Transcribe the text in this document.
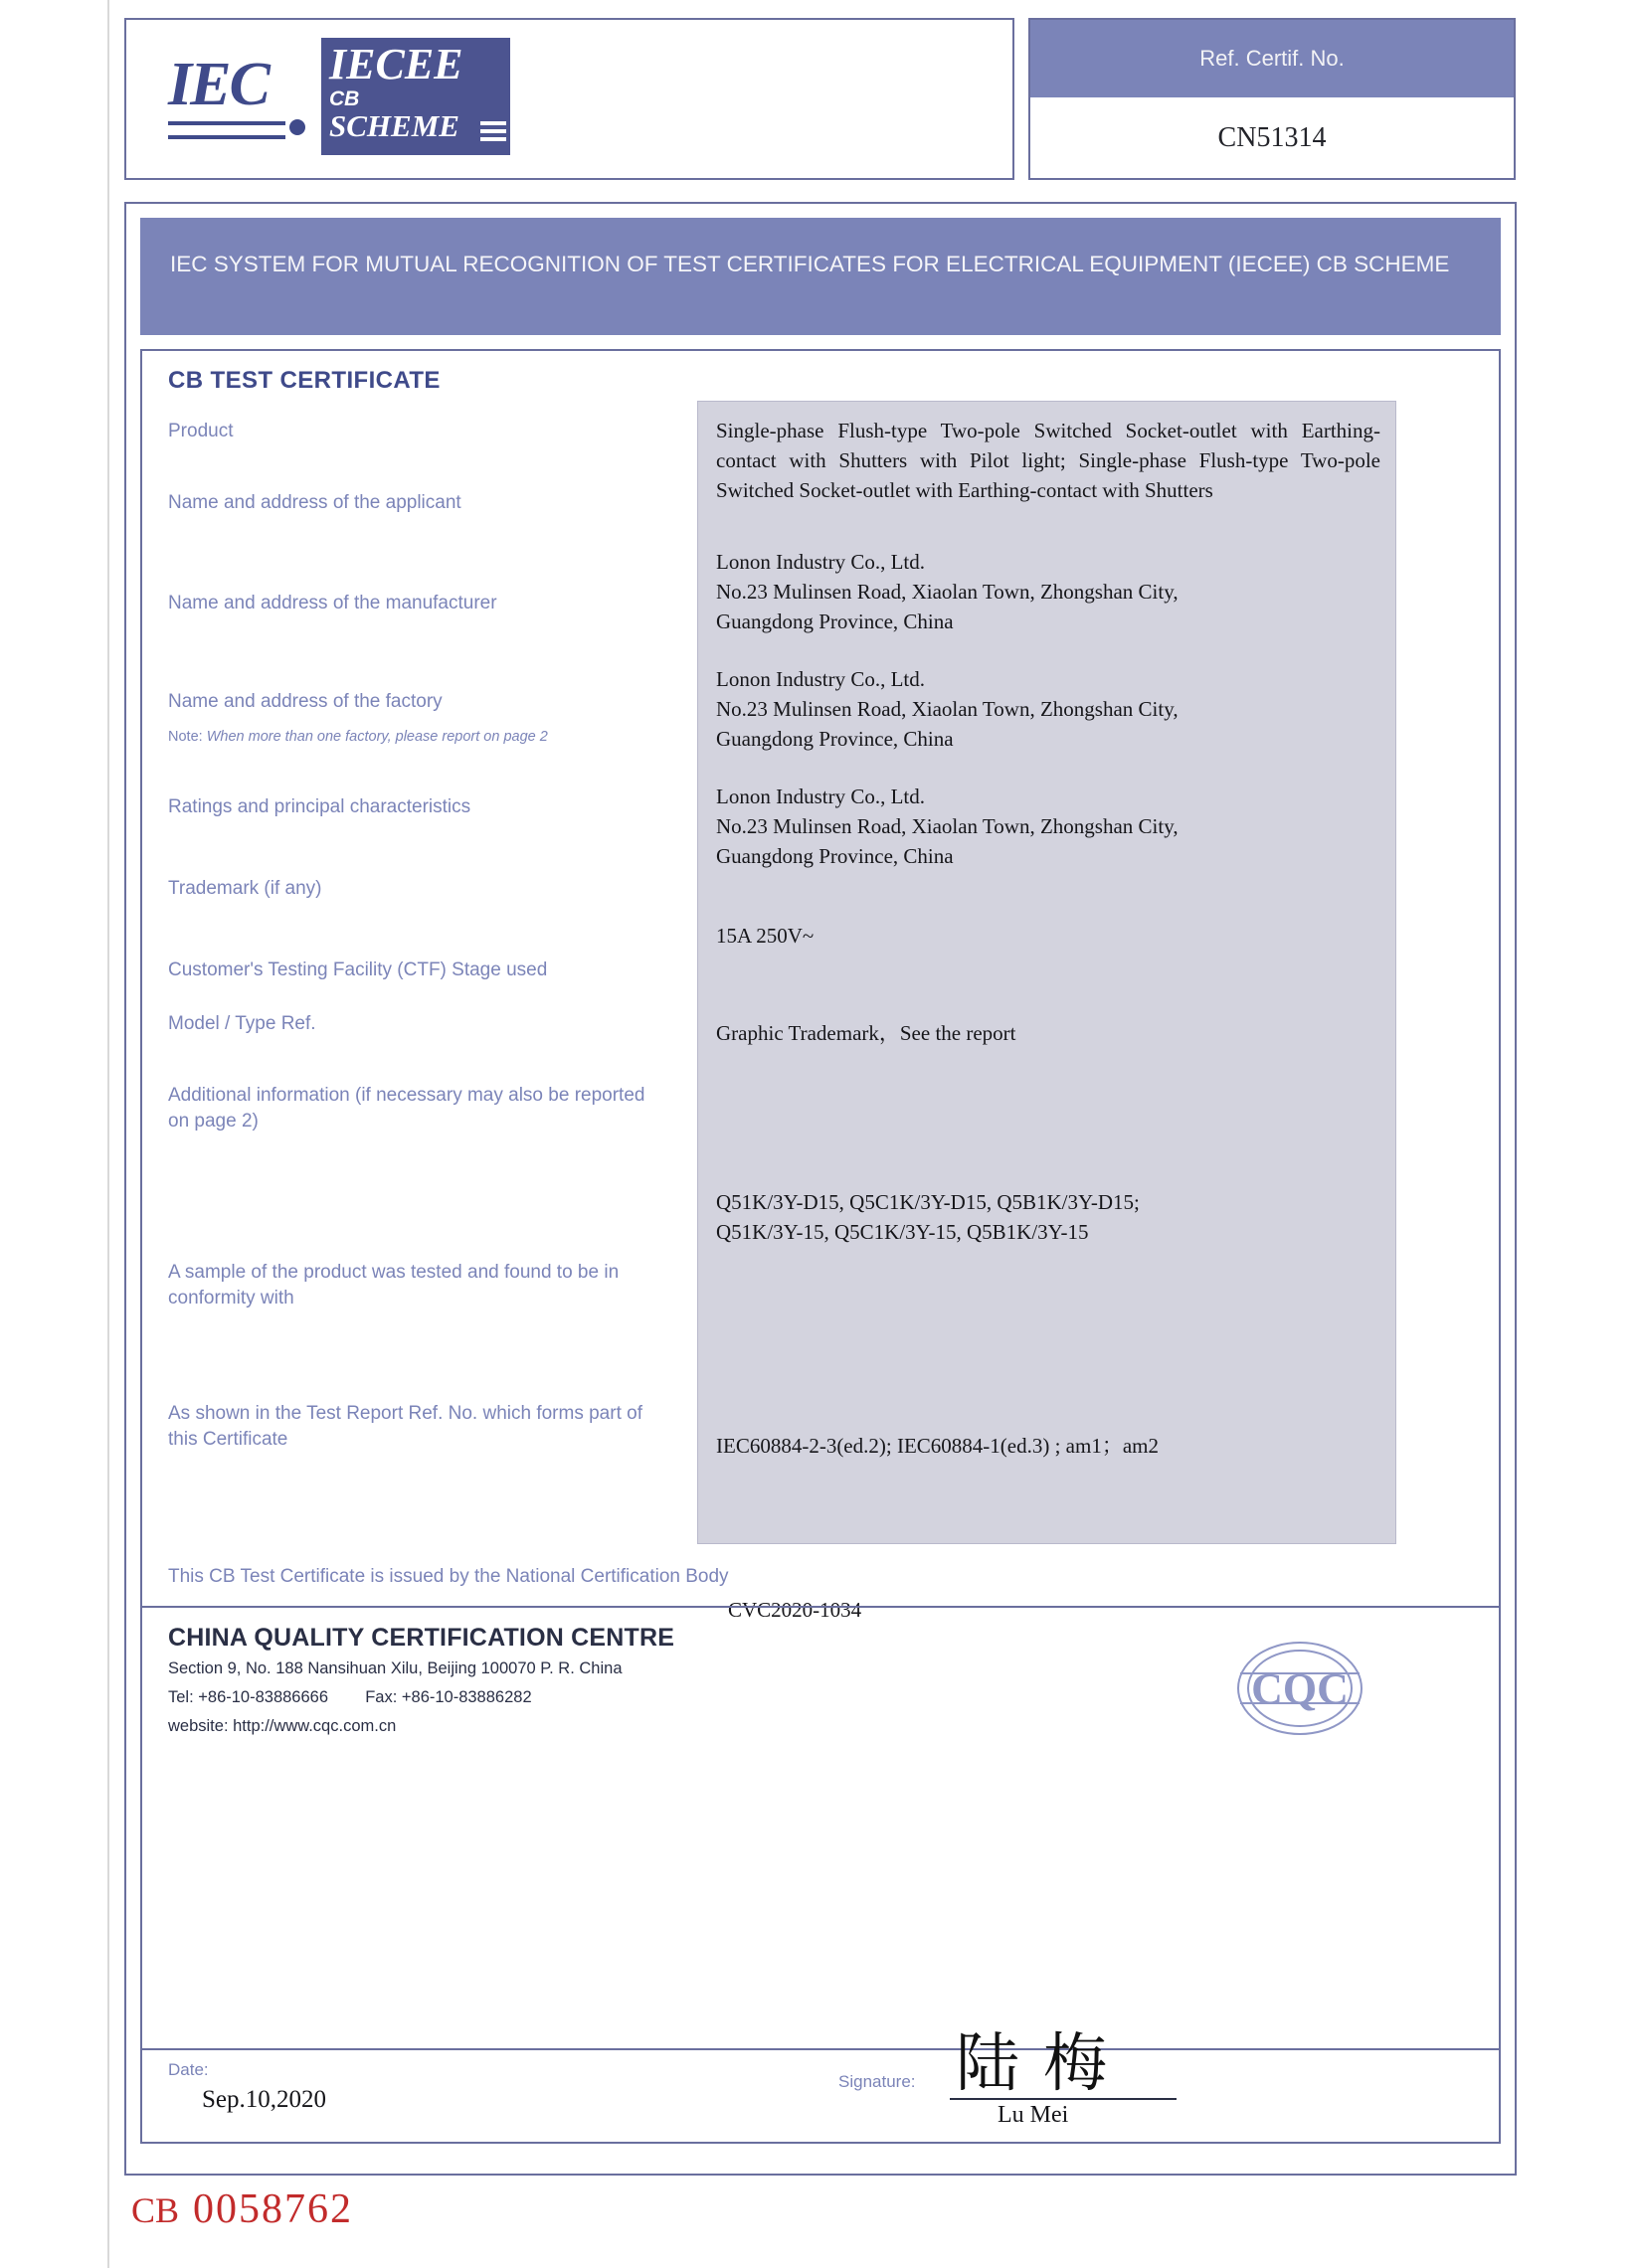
IEC	IECEE
CB
SCHEME
Ref. Certif. No.
CN51314
IEC SYSTEM FOR MUTUAL RECOGNITION OF TEST CERTIFICATES FOR ELECTRICAL EQUIPMENT (IECEE) CB SCHEME
CB TEST CERTIFICATE
Product
Name and address of the applicant
Name and address of the manufacturer
Name and address of the factory
Note: When more than one factory, please report on page 2
Ratings and principal characteristics
Trademark (if any)
Customer's Testing Facility (CTF) Stage used
Model / Type Ref.
Additional information (if necessary may also be reported on page 2)
A sample of the product was tested and found to be in conformity with
As shown in the Test Report Ref. No. which forms part of this Certificate
Single-phase Flush-type Two-pole Switched Socket-outlet with Earthing-contact with Shutters with Pilot light; Single-phase Flush-type Two-pole Switched Socket-outlet with Earthing-contact with Shutters
Lonon Industry Co., Ltd.
No.23 Mulinsen Road, Xiaolan Town, Zhongshan City,
Guangdong Province, China
Lonon Industry Co., Ltd.
No.23 Mulinsen Road, Xiaolan Town, Zhongshan City,
Guangdong Province, China
Lonon Industry Co., Ltd.
No.23 Mulinsen Road, Xiaolan Town, Zhongshan City,
Guangdong Province, China
15A 250V~
Graphic Trademark，See the report
Q51K/3Y-D15, Q5C1K/3Y-D15, Q5B1K/3Y-D15;
Q51K/3Y-15, Q5C1K/3Y-15, Q5B1K/3Y-15
IEC60884-2-3(ed.2); IEC60884-1(ed.3) ; am1；am2
CVC2020-1034
This CB Test Certificate is issued by the National Certification Body
CHINA QUALITY CERTIFICATION CENTRE
Section 9, No. 188 Nansihuan Xilu, Beijing 100070 P. R. China
Tel: +86-10-83886666 Fax: +86-10-83886282
website: http://www.cqc.com.cn
CQC
Date:
Sep.10,2020
Signature: 陆 梅
Lu Mei
CB 0058762
